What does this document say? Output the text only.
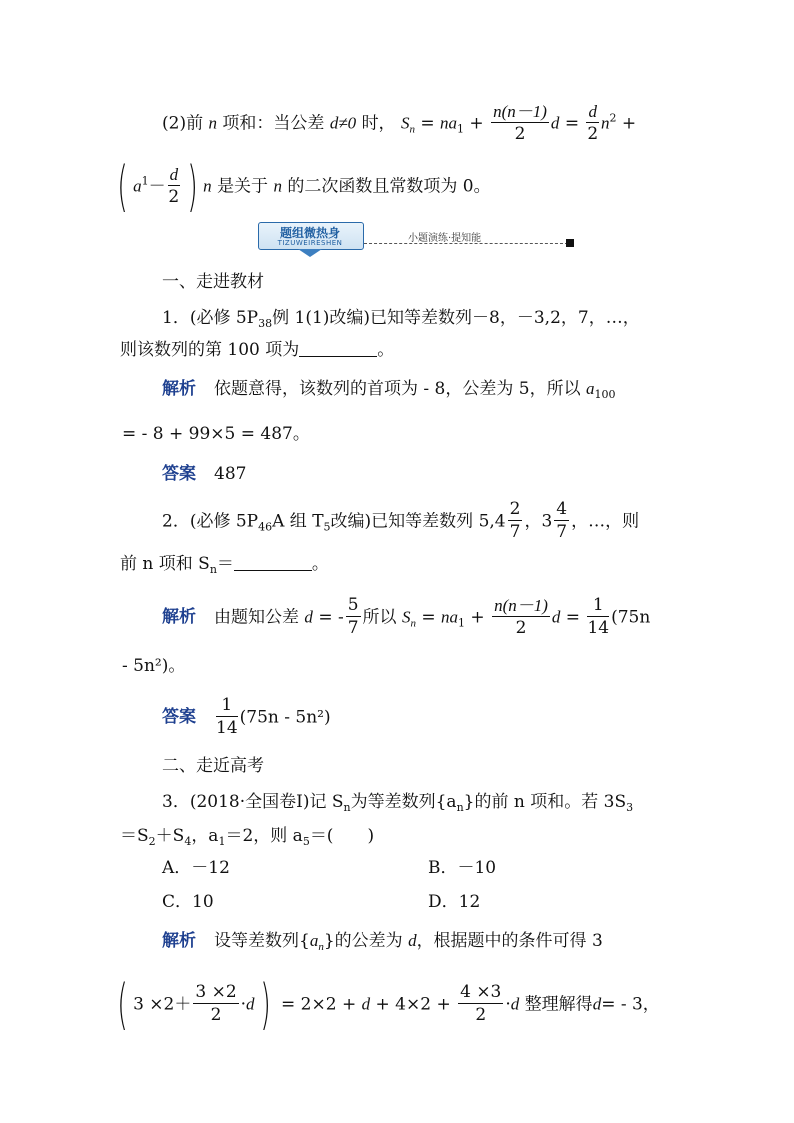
(2)前 n 项和：当公差 d≠0 时， $S_n = na_1 + \frac{n(n-1)}{2}$ $d = \frac{d}{2} n^2$ +
( $a^1- \frac{d}{2}$ ) n 是关于 n 的二次函数且常数项为 0。
题组微热身
TIZUWEIRESHEN	小题演练·提知能
一、走进教材
1．(必修 $5P_{38}$例 1(1)改编)已知等差数列－8，－3,2，7，…，
则该数列的第 100 项为	。
解析 依题意得，该数列的首项为 - 8，公差为 5，所以 $a_{100}$
= - 8 + 99×5 = 487。
答案 487
2．(必修 $5P_{46}A$ 组 $T_5$改编)已知等差数列 $5,4 \frac{2}{7}$ ，$3 \frac{4}{7}$ ，…，则
前 n 项和 $S_n=$	。
解析 由题知公差 d = - $\frac{5}{7}$ 所以 $S_n = na_1 + \frac{n(n-1)}{2}$ $d = \frac{1}{14} (75n$
- 5n²)。
答案 $\frac{1}{14} (75n - 5n^2)$
二、走近高考
3．(2018·全国卷Ⅰ)记 $S_n$为等差数列$\{a_n\}$的前 n 项和。若 $3S_3$
$=S_2+S_4$，$a_1=2$，则 $a_5=$(　　)
A．－12	B．－10
C．10	D．12
解析 设等差数列$\{a_n\}$的公差为 d，根据题中的条件可得 3
( $3 \times 2+ \frac{3 \times 2}{2} \cdot d) = 2\times 2 + d + 4\times 2 + \frac{4 \times 3}{2} \cdot d$ 整理解得d= - 3，
